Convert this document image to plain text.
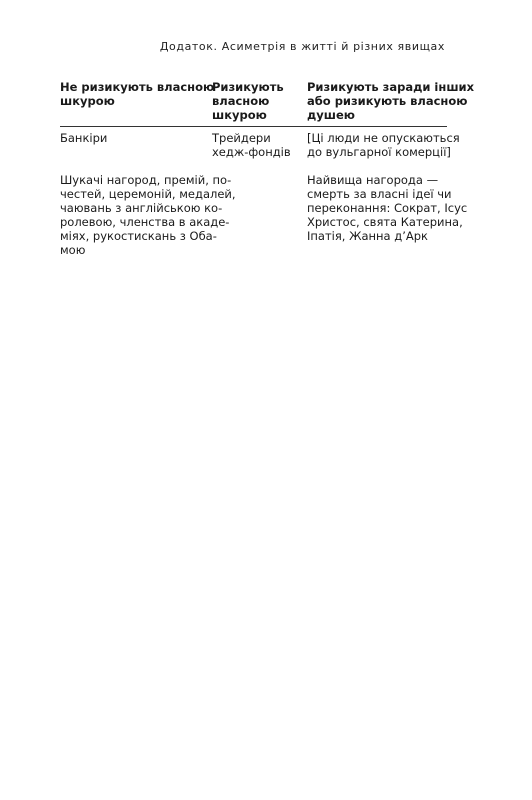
Додаток. Асиметрія в житті й різних явищах
Не ризикують власною
шкурою
Ризикують
власною
шкурою
Ризикують заради інших
або ризикують власною
душею
Банкіри	Трейдери
хедж-фондів
[Ці люди не опускаються
до вульгарної комерції]
Шукачі нагород, премій, по-
честей, церемоній, медалей,
чаювань з англійською ко-
ролевою, членства в акаде-
міях, рукостискань з Оба-
мою
Найвища нагорода —
смерть за власні ідеї чи
переконання: Сократ, Ісус
Христос, свята Катерина,
Іпатія, Жанна д’Арк
